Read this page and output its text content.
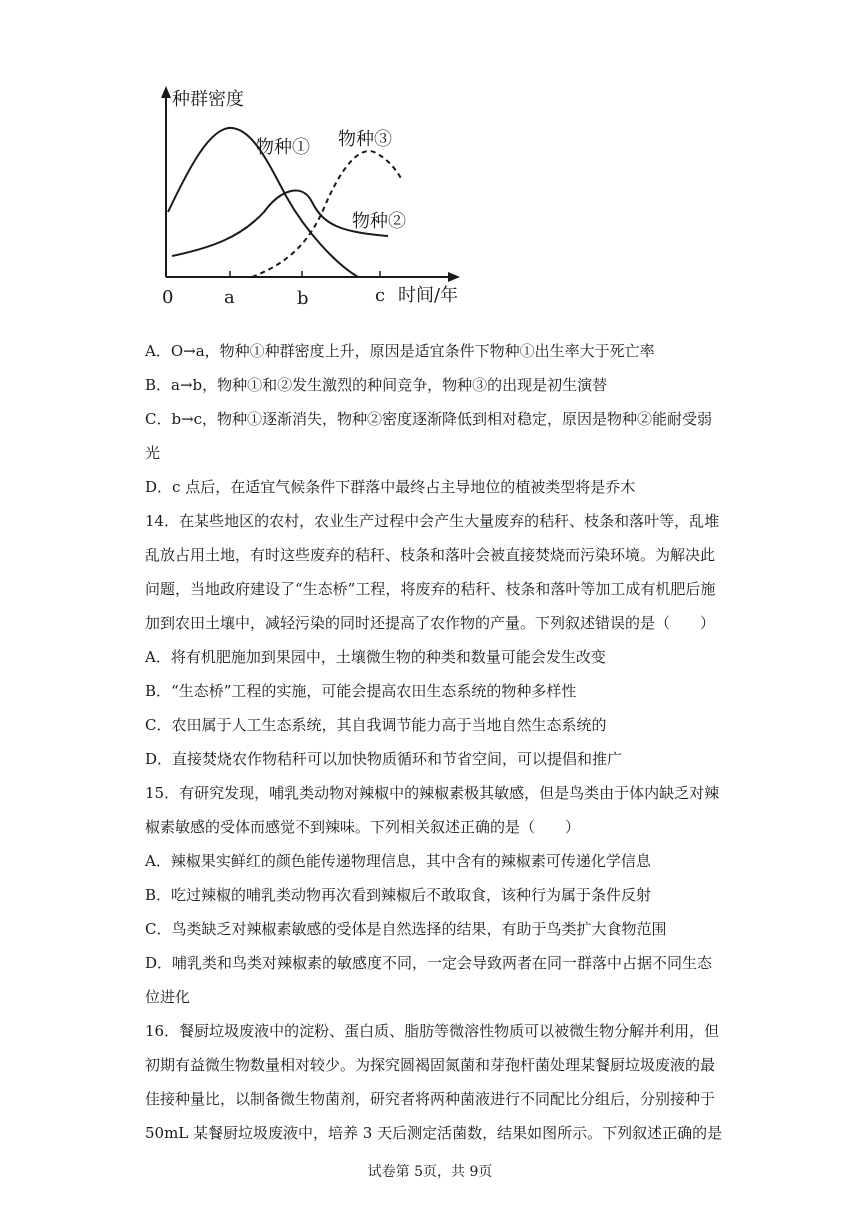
种群密度
时间/年
0	a	b	c
物种①
物种②
物种③
A．O→a，物种①种群密度上升，原因是适宜条件下物种①出生率大于死亡率
B．a→b，物种①和②发生激烈的种间竞争，物种③的出现是初生演替
C．b→c，物种①逐渐消失，物种②密度逐渐降低到相对稳定，原因是物种②能耐受弱
光
D．c 点后，在适宜气候条件下群落中最终占主导地位的植被类型将是乔木
14．在某些地区的农村，农业生产过程中会产生大量废弃的秸秆、枝条和落叶等，乱堆
乱放占用土地，有时这些废弃的秸秆、枝条和落叶会被直接焚烧而污染环境。为解决此
问题，当地政府建设了“生态桥”工程，将废弃的秸秆、枝条和落叶等加工成有机肥后施
加到农田土壤中，减轻污染的同时还提高了农作物的产量。下列叙述错误的是（　　）
A．将有机肥施加到果园中，土壤微生物的种类和数量可能会发生改变
B．“生态桥”工程的实施，可能会提高农田生态系统的物种多样性
C．农田属于人工生态系统，其自我调节能力高于当地自然生态系统的
D．直接焚烧农作物秸秆可以加快物质循环和节省空间，可以提倡和推广
15．有研究发现，哺乳类动物对辣椒中的辣椒素极其敏感，但是鸟类由于体内缺乏对辣
椒素敏感的受体而感觉不到辣味。下列相关叙述正确的是（　　）
A．辣椒果实鲜红的颜色能传递物理信息，其中含有的辣椒素可传递化学信息
B．吃过辣椒的哺乳类动物再次看到辣椒后不敢取食，该种行为属于条件反射
C．鸟类缺乏对辣椒素敏感的受体是自然选择的结果，有助于鸟类扩大食物范围
D．哺乳类和鸟类对辣椒素的敏感度不同，一定会导致两者在同一群落中占据不同生态
位进化
16．餐厨垃圾废液中的淀粉、蛋白质、脂肪等微溶性物质可以被微生物分解并利用，但
初期有益微生物数量相对较少。为探究圆褐固氮菌和芽孢杆菌处理某餐厨垃圾废液的最
佳接种量比，以制备微生物菌剂，研究者将两种菌液进行不同配比分组后，分别接种于
50mL 某餐厨垃圾废液中，培养 3 天后测定活菌数，结果如图所示。下列叙述正确的是
试卷第 5页，共 9页
